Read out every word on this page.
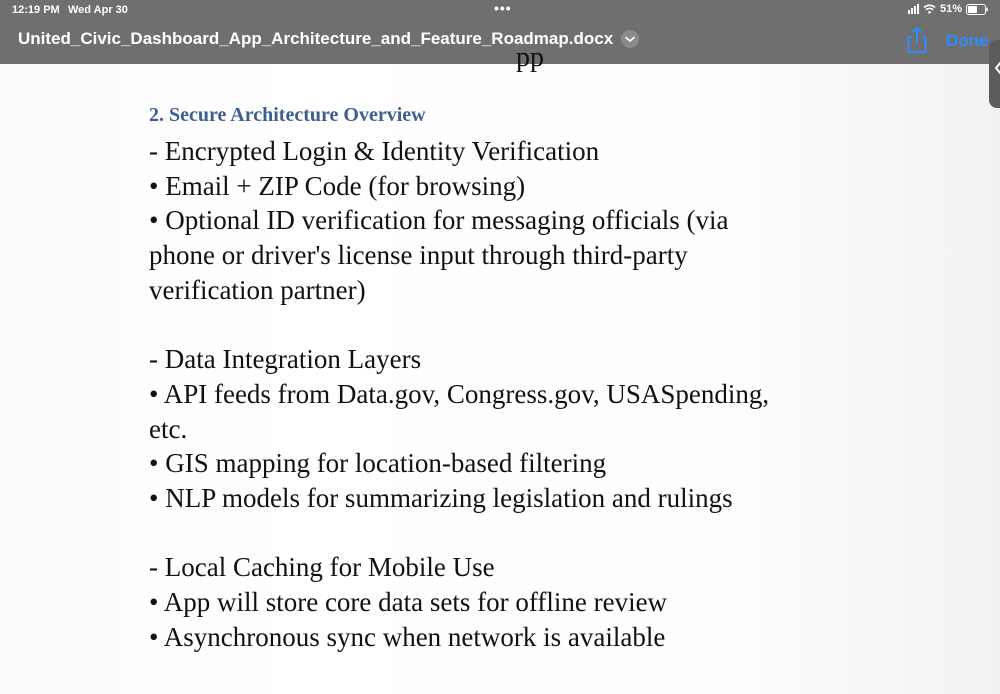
12:19 PM Wed Apr 30	•••	51%
United_Civic_Dashboard_App_Architecture_and_Feature_Roadmap.docx	Done
pp
2. Secure Architecture Overview
- Encrypted Login & Identity Verification
• Email + ZIP Code (for browsing)
• Optional ID verification for messaging officials (via
phone or driver's license input through third-party
verification partner)
- Data Integration Layers
• API feeds from Data.gov, Congress.gov, USASpending,
etc.
• GIS mapping for location-based filtering
• NLP models for summarizing legislation and rulings
- Local Caching for Mobile Use
• App will store core data sets for offline review
• Asynchronous sync when network is available
